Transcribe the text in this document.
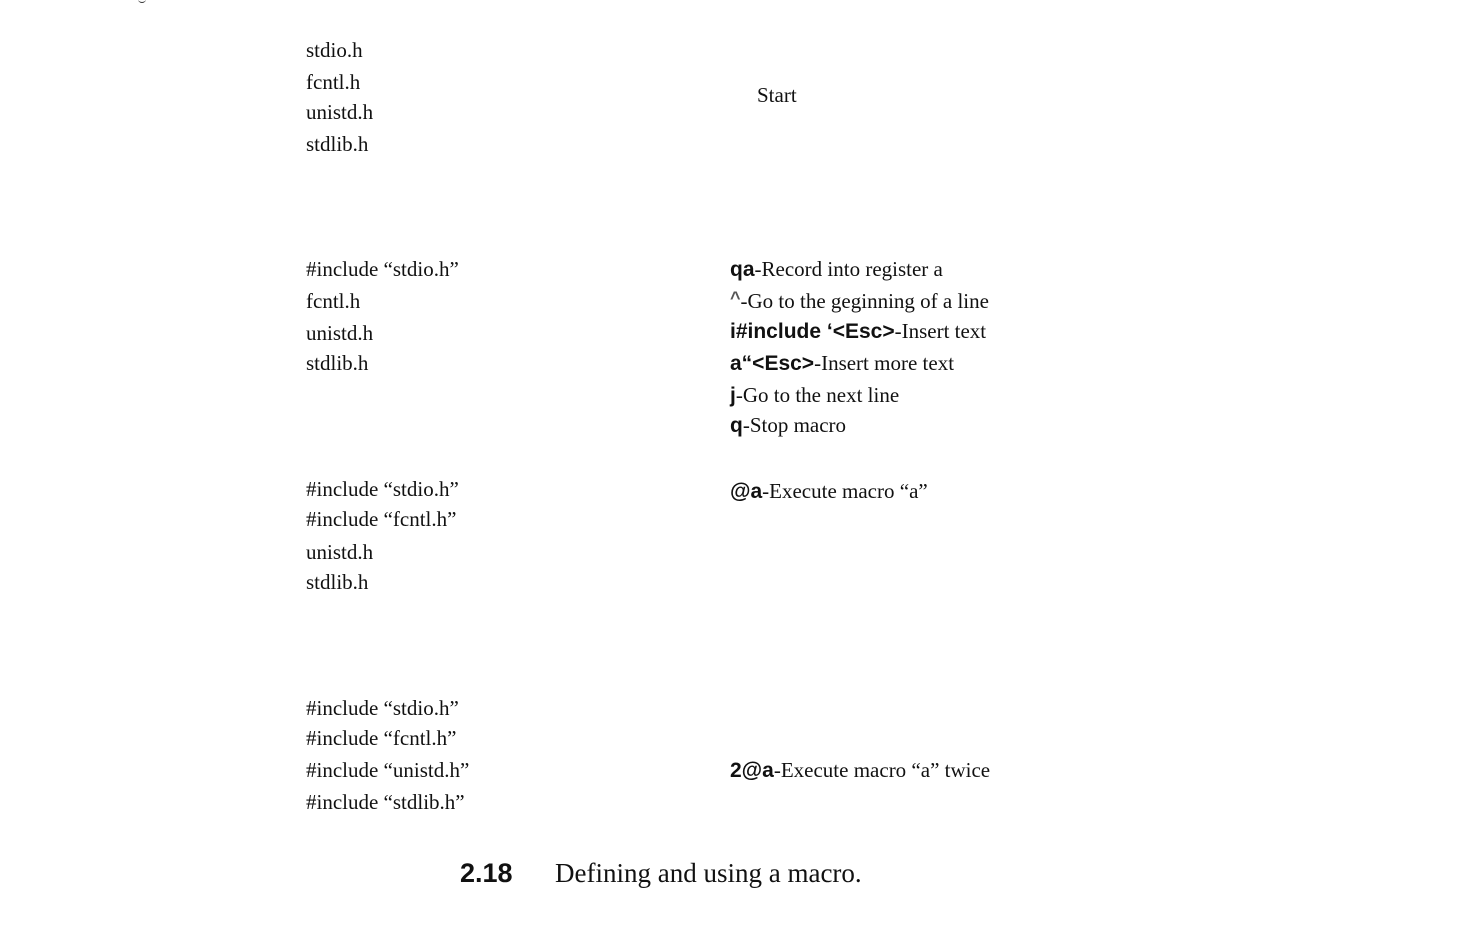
stdio.h
fcntl.h
unistd.h
stdlib.h
Start
#include “stdio.h”
fcntl.h
unistd.h
stdlib.h
qa-Record into register a
^-Go to the geginning of a line
i#include ‘<Esc>-Insert text
a“<Esc>-Insert more text
j-Go to the next line
q-Stop macro
#include “stdio.h”
#include “fcntl.h”
unistd.h
stdlib.h
@a-Execute macro “a”
#include “stdio.h”
#include “fcntl.h”
#include “unistd.h”
#include “stdlib.h”
2@a-Execute macro “a” twice
2.18 Defining and using a macro.
